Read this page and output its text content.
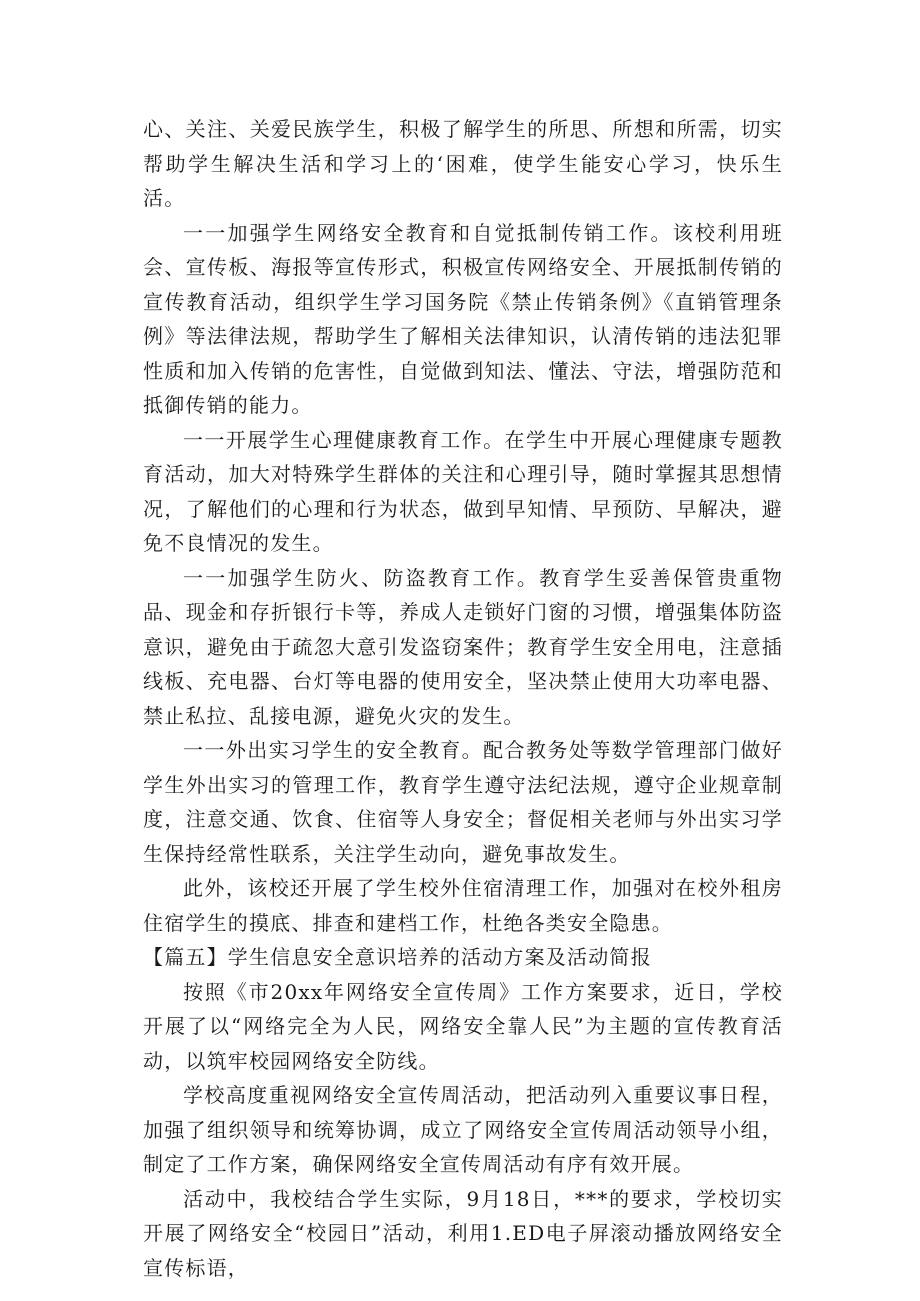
心、关注、关爱民族学生，积极了解学生的所思、所想和所需，切实帮助学生解决生活和学习上的‘困难，使学生能安心学习，快乐生活。

一一加强学生网络安全教育和自觉抵制传销工作。该校利用班会、宣传板、海报等宣传形式，积极宣传网络安全、开展抵制传销的宣传教育活动，组织学生学习国务院《禁止传销条例》《直销管理条例》等法律法规，帮助学生了解相关法律知识，认清传销的违法犯罪性质和加入传销的危害性，自觉做到知法、懂法、守法，增强防范和抵御传销的能力。

一一开展学生心理健康教育工作。在学生中开展心理健康专题教育活动，加大对特殊学生群体的关注和心理引导，随时掌握其思想情况，了解他们的心理和行为状态，做到早知情、早预防、早解决，避免不良情况的发生。

一一加强学生防火、防盗教育工作。教育学生妥善保管贵重物品、现金和存折银行卡等，养成人走锁好门窗的习惯，增强集体防盗意识，避免由于疏忽大意引发盗窃案件；教育学生安全用电，注意插线板、充电器、台灯等电器的使用安全，坚决禁止使用大功率电器、禁止私拉、乱接电源，避免火灾的发生。

一一外出实习学生的安全教育。配合教务处等数学管理部门做好学生外出实习的管理工作，教育学生遵守法纪法规，遵守企业规章制度，注意交通、饮食、住宿等人身安全；督促相关老师与外出实习学生保持经常性联系，关注学生动向，避免事故发生。

此外，该校还开展了学生校外住宿清理工作，加强对在校外租房住宿学生的摸底、排查和建档工作，杜绝各类安全隐患。

【篇五】学生信息安全意识培养的活动方案及活动简报

按照《市20xx年网络安全宣传周》工作方案要求，近日，学校开展了以“网络完全为人民，网络安全靠人民”为主题的宣传教育活动，以筑牢校园网络安全防线。

学校高度重视网络安全宣传周活动，把活动列入重要议事日程，加强了组织领导和统筹协调，成立了网络安全宣传周活动领导小组，制定了工作方案，确保网络安全宣传周活动有序有效开展。

活动中，我校结合学生实际，9月18日，***的要求，学校切实开展了网络安全“校园日”活动，利用1.ED电子屏滚动播放网络安全宣传标语，
